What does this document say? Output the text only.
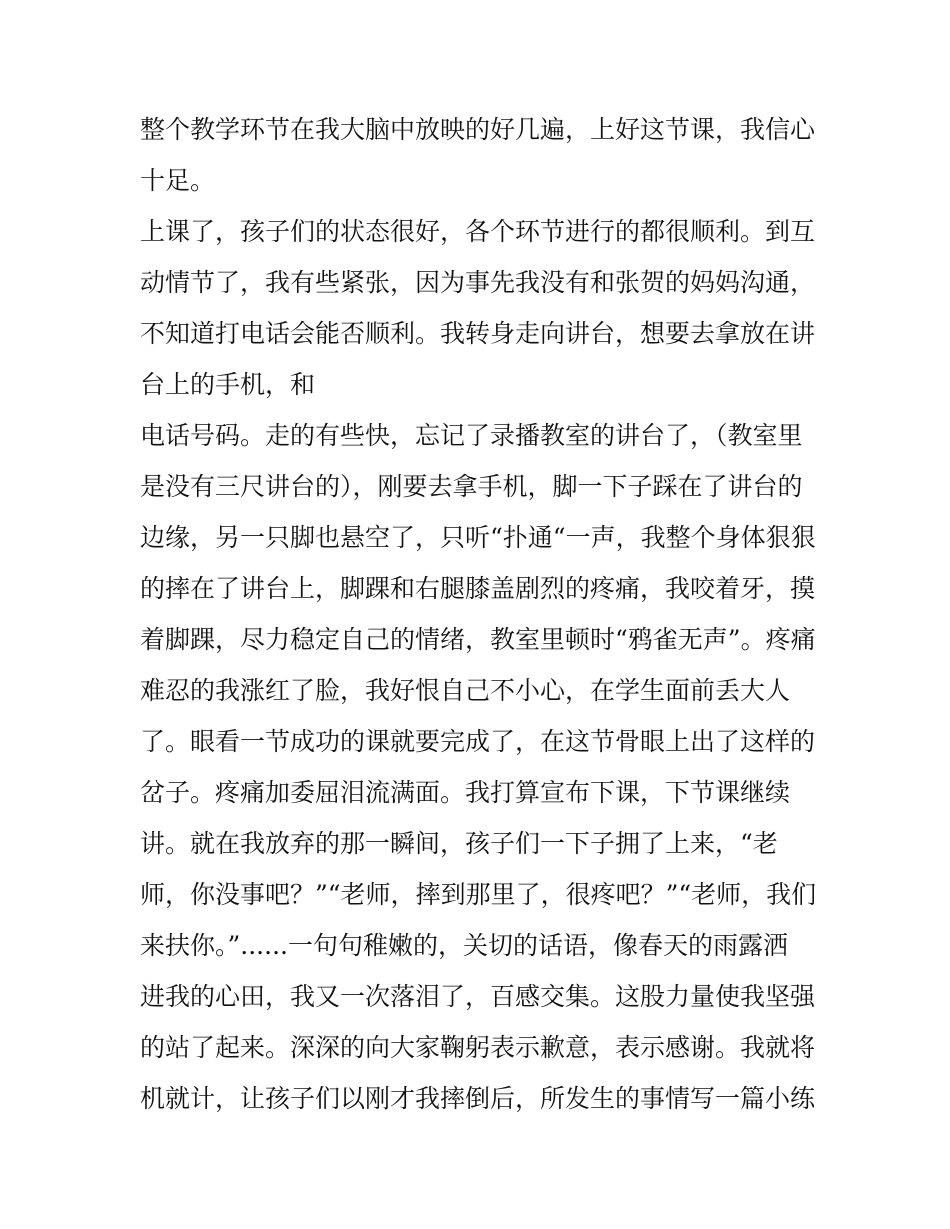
整个教学环节在我大脑中放映的好几遍，上好这节课，我信心
十足。
上课了，孩子们的状态很好，各个环节进行的都很顺利。到互
动情节了，我有些紧张，因为事先我没有和张贺的妈妈沟通，
不知道打电话会能否顺利。我转身走向讲台，想要去拿放在讲
台上的手机，和
电话号码。走的有些快，忘记了录播教室的讲台了，（教室里
是没有三尺讲台的），刚要去拿手机，脚一下子踩在了讲台的
边缘，另一只脚也悬空了，只听“扑通“一声，我整个身体狠狠
的摔在了讲台上，脚踝和右腿膝盖剧烈的疼痛，我咬着牙，摸
着脚踝，尽力稳定自己的情绪，教室里顿时“鸦雀无声”。疼痛
难忍的我涨红了脸，我好恨自己不小心，在学生面前丢大人
了。眼看一节成功的课就要完成了，在这节骨眼上出了这样的
岔子。疼痛加委屈泪流满面。我打算宣布下课，下节课继续
讲。就在我放弃的那一瞬间，孩子们一下子拥了上来，“老
师，你没事吧？”“老师，摔到那里了，很疼吧？”“老师，我们
来扶你。”......一句句稚嫩的，关切的话语，像春天的雨露洒
进我的心田，我又一次落泪了，百感交集。这股力量使我坚强
的站了起来。深深的向大家鞠躬表示歉意，表示感谢。我就将
机就计，让孩子们以刚才我摔倒后，所发生的事情写一篇小练
